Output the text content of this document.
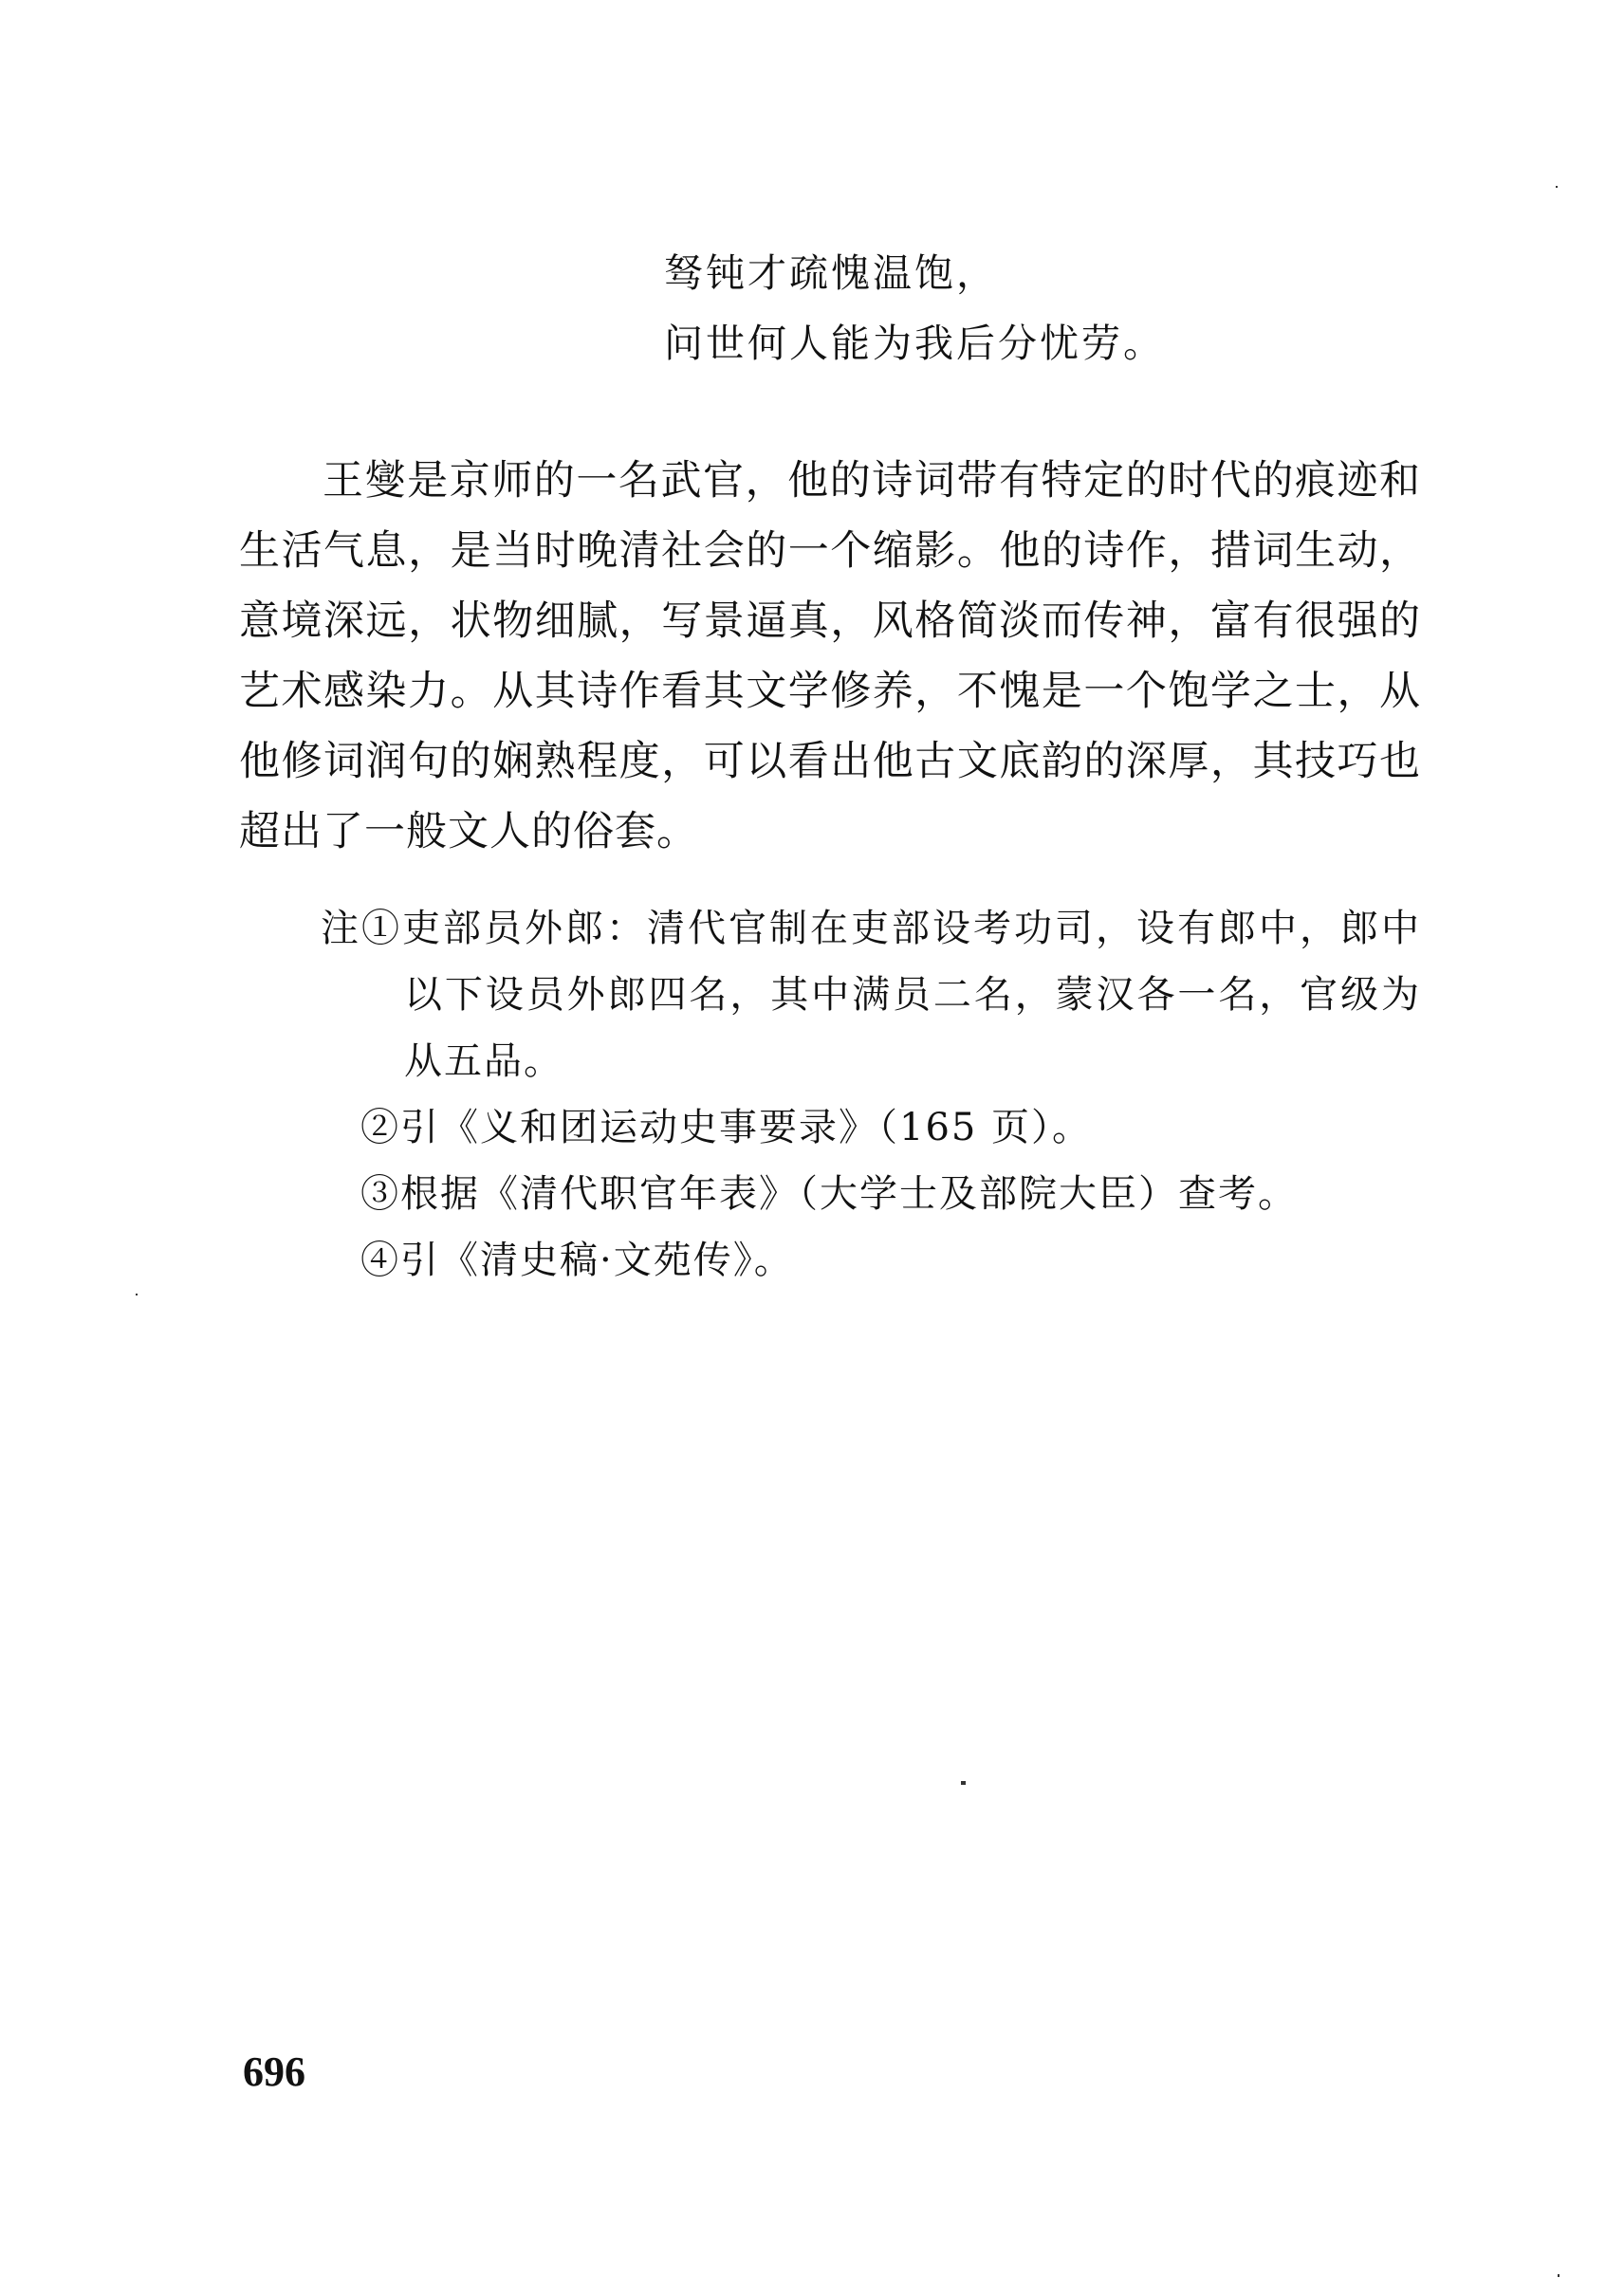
驽钝才疏愧温饱，
问世何人能为我后分忧劳。

王燮是京师的一名武官，他的诗词带有特定的时代的痕迹和生活气息，是当时晚清社会的一个缩影。他的诗作，措词生动，意境深远，状物细腻，写景逼真，风格简淡而传神，富有很强的艺术感染力。从其诗作看其文学修养，不愧是一个饱学之士，从他修词润句的娴熟程度，可以看出他古文底韵的深厚，其技巧也超出了一般文人的俗套。

注①吏部员外郎：清代官制在吏部设考功司，设有郎中，郎中以下设员外郎四名，其中满员二名，蒙汉各一名，官级为从五品。
②引《义和团运动史事要录》（165 页）。
③根据《清代职官年表》（大学士及部院大臣）查考。
④引《清史稿·文苑传》。
696
